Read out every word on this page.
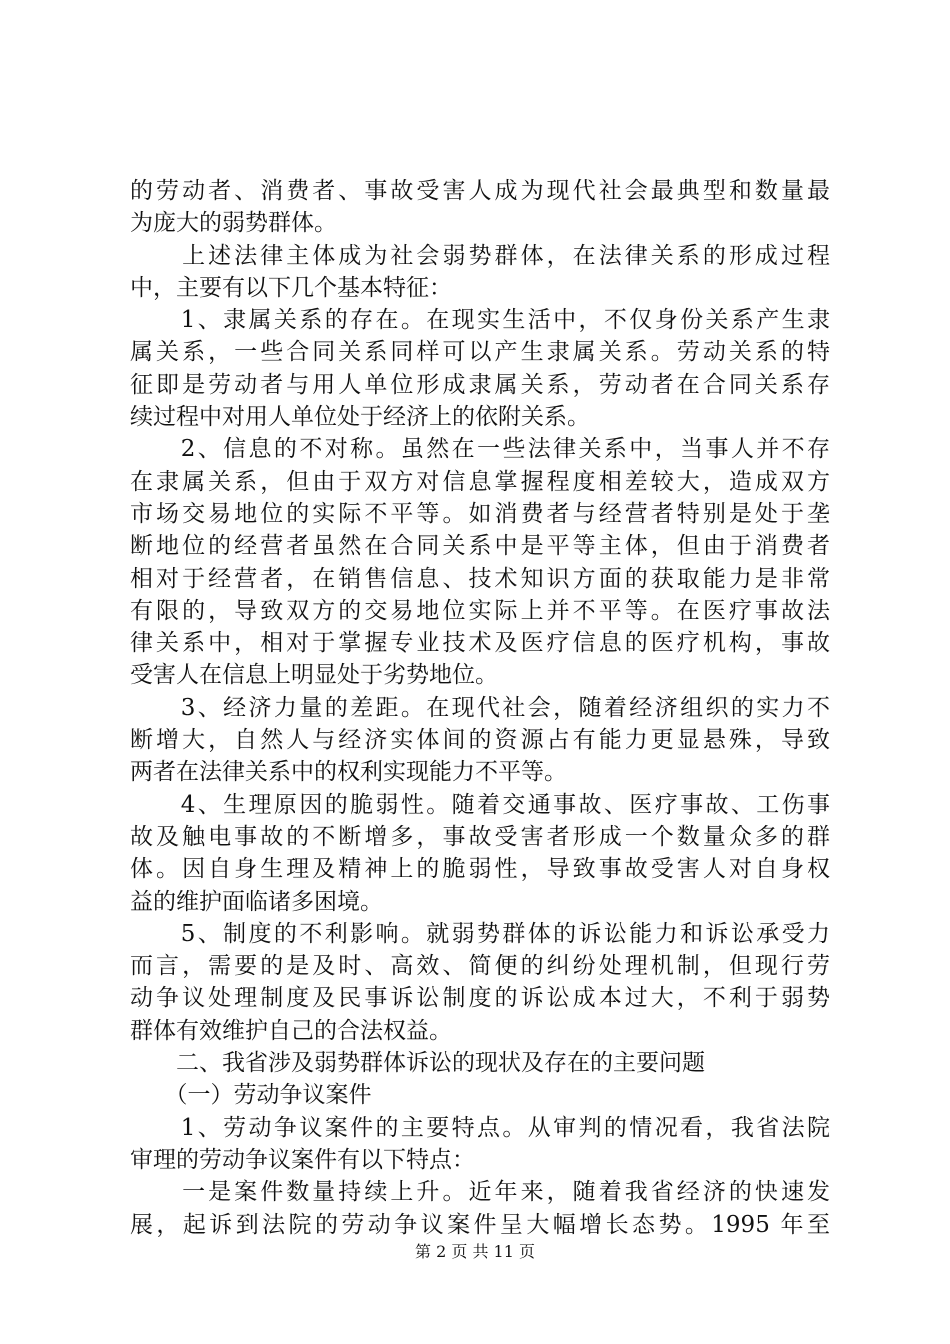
的劳动者、消费者、事故受害人成为现代社会最典型和数量最
为庞大的弱势群体。
　　上述法律主体成为社会弱势群体，在法律关系的形成过程
中，主要有以下几个基本特征：
　　1、隶属关系的存在。在现实生活中，不仅身份关系产生隶
属关系，一些合同关系同样可以产生隶属关系。劳动关系的特
征即是劳动者与用人单位形成隶属关系，劳动者在合同关系存
续过程中对用人单位处于经济上的依附关系。
　　2、信息的不对称。虽然在一些法律关系中，当事人并不存
在隶属关系，但由于双方对信息掌握程度相差较大，造成双方
市场交易地位的实际不平等。如消费者与经营者特别是处于垄
断地位的经营者虽然在合同关系中是平等主体，但由于消费者
相对于经营者，在销售信息、技术知识方面的获取能力是非常
有限的，导致双方的交易地位实际上并不平等。在医疗事故法
律关系中，相对于掌握专业技术及医疗信息的医疗机构，事故
受害人在信息上明显处于劣势地位。
　　3、经济力量的差距。在现代社会，随着经济组织的实力不
断增大，自然人与经济实体间的资源占有能力更显悬殊，导致
两者在法律关系中的权利实现能力不平等。
　　4、生理原因的脆弱性。随着交通事故、医疗事故、工伤事
故及触电事故的不断增多，事故受害者形成一个数量众多的群
体。因自身生理及精神上的脆弱性，导致事故受害人对自身权
益的维护面临诸多困境。
　　5、制度的不利影响。就弱势群体的诉讼能力和诉讼承受力
而言，需要的是及时、高效、简便的纠纷处理机制，但现行劳
动争议处理制度及民事诉讼制度的诉讼成本过大，不利于弱势
群体有效维护自己的合法权益。
　　二、我省涉及弱势群体诉讼的现状及存在的主要问题
　　（一）劳动争议案件
　　1、劳动争议案件的主要特点。从审判的情况看，我省法院
审理的劳动争议案件有以下特点：
　　一是案件数量持续上升。近年来，随着我省经济的快速发
展，起诉到法院的劳动争议案件呈大幅增长态势。1995 年至
第 2 页 共 11 页
